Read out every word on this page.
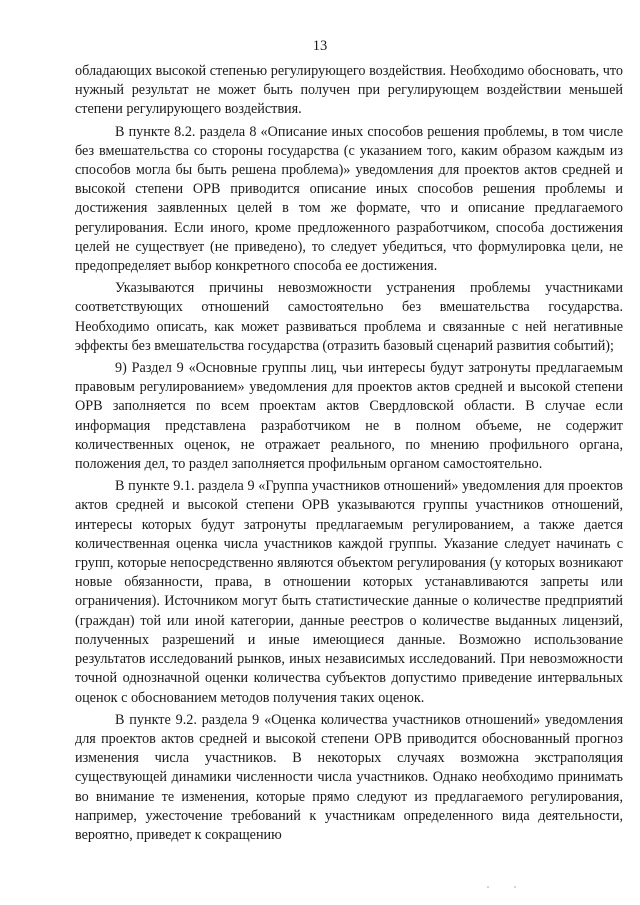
13

обладающих высокой степенью регулирующего воздействия. Необходимо обосновать, что нужный результат не может быть получен при регулирующем воздействии меньшей степени регулирующего воздействия.

В пункте 8.2. раздела 8 «Описание иных способов решения проблемы, в том числе без вмешательства со стороны государства (с указанием того, каким образом каждым из способов могла бы быть решена проблема)» уведомления для проектов актов средней и высокой степени ОРВ приводится описание иных способов решения проблемы и достижения заявленных целей в том же формате, что и описание предлагаемого регулирования. Если иного, кроме предложенного разработчиком, способа достижения целей не существует (не приведено), то следует убедиться, что формулировка цели, не предопределяет выбор конкретного способа ее достижения.

Указываются причины невозможности устранения проблемы участниками соответствующих отношений самостоятельно без вмешательства государства. Необходимо описать, как может развиваться проблема и связанные с ней негативные эффекты без вмешательства государства (отразить базовый сценарий развития событий);

9) Раздел 9 «Основные группы лиц, чьи интересы будут затронуты предлагаемым правовым регулированием» уведомления для проектов актов средней и высокой степени ОРВ заполняется по всем проектам актов Свердловской области. В случае если информация представлена разработчиком не в полном объеме, не содержит количественных оценок, не отражает реального, по мнению профильного органа, положения дел, то раздел заполняется профильным органом самостоятельно.

В пункте 9.1. раздела 9 «Группа участников отношений» уведомления для проектов актов средней и высокой степени ОРВ указываются группы участников отношений, интересы которых будут затронуты предлагаемым регулированием, а также дается количественная оценка числа участников каждой группы. Указание следует начинать с групп, которые непосредственно являются объектом регулирования (у которых возникают новые обязанности, права, в отношении которых устанавливаются запреты или ограничения). Источником могут быть статистические данные о количестве предприятий (граждан) той или иной категории, данные реестров о количестве выданных лицензий, полученных разрешений и иные имеющиеся данные. Возможно использование результатов исследований рынков, иных независимых исследований. При невозможности точной однозначной оценки количества субъектов допустимо приведение интервальных оценок с обоснованием методов получения таких оценок.

В пункте 9.2. раздела 9 «Оценка количества участников отношений» уведомления для проектов актов средней и высокой степени ОРВ приводится обоснованный прогноз изменения числа участников. В некоторых случаях возможна экстраполяция существующей динамики численности числа участников. Однако необходимо принимать во внимание те изменения, которые прямо следуют из предлагаемого регулирования, например, ужесточение требований к участникам определенного вида деятельности, вероятно, приведет к сокращению
